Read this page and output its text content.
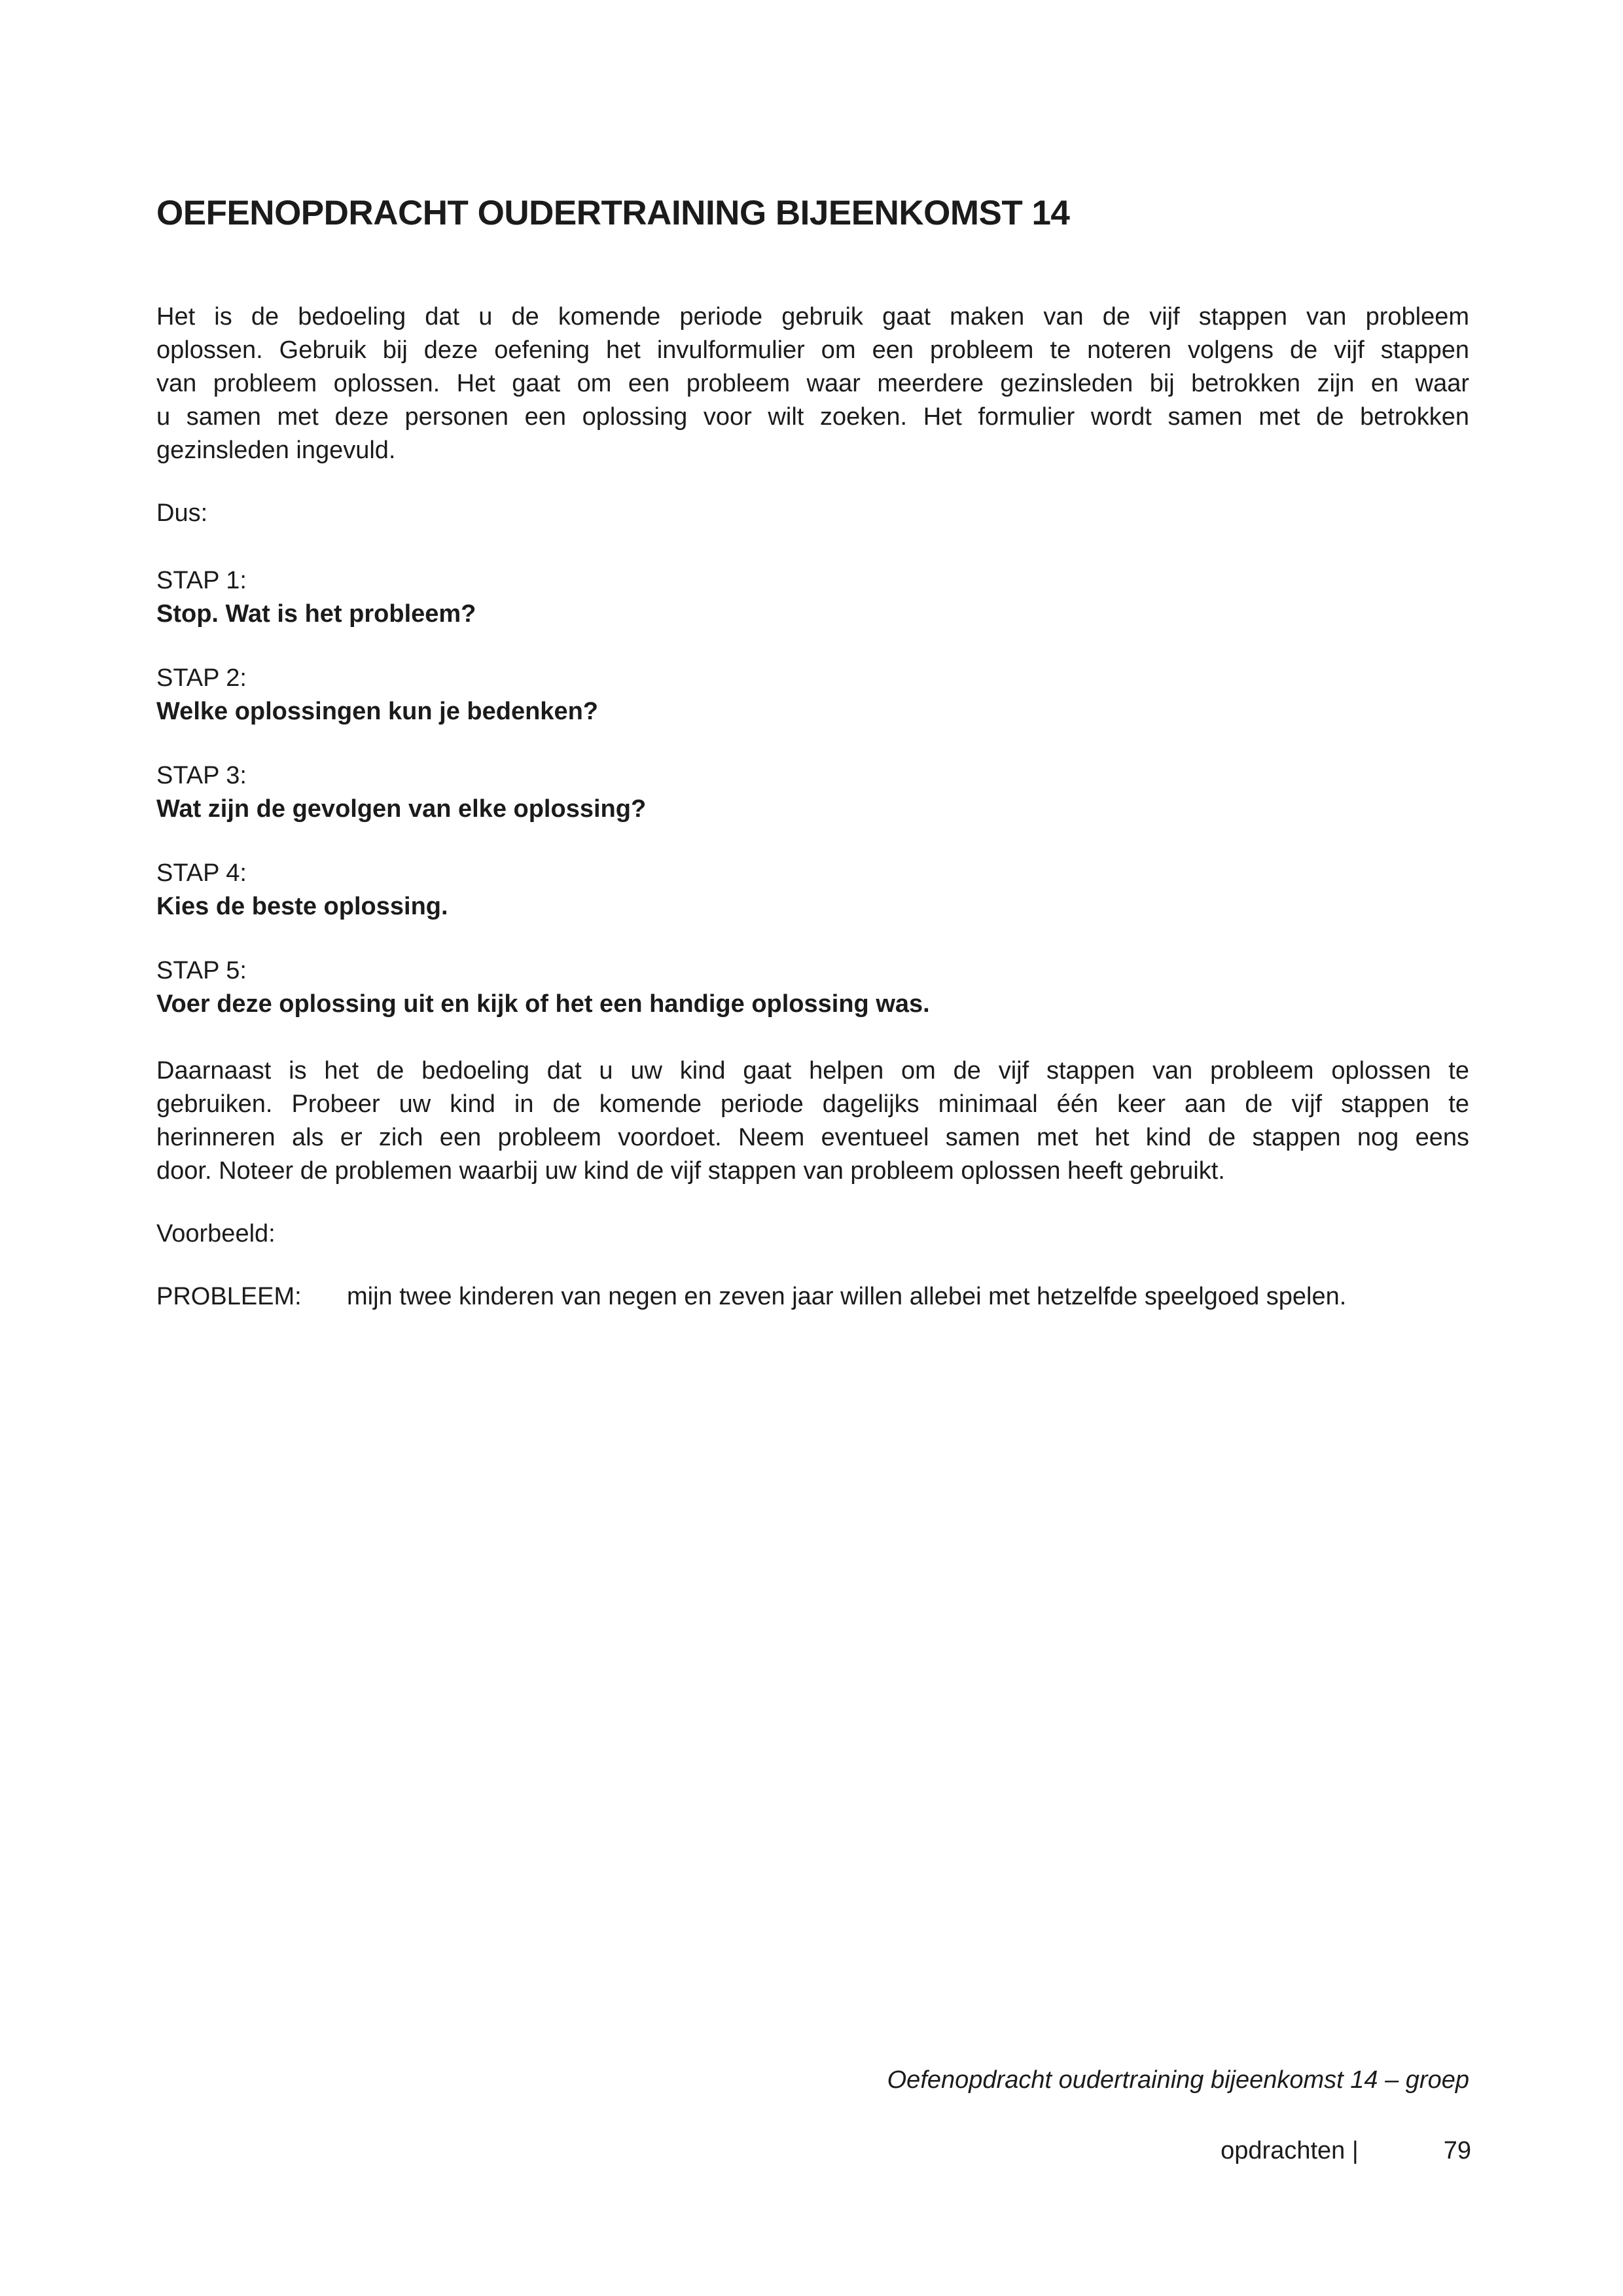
OEFENOPDRACHT OUDERTRAINING BIJEENKOMST 14
Het is de bedoeling dat u de komende periode gebruik gaat maken van de vijf stappen van probleem
oplossen. Gebruik bij deze oefening het invulformulier om een probleem te noteren volgens de vijf stappen
van probleem oplossen. Het gaat om een probleem waar meerdere gezinsleden bij betrokken zijn en waar
u samen met deze personen een oplossing voor wilt zoeken. Het formulier wordt samen met de betrokken
gezinsleden ingevuld.
Dus:
STAP 1:
Stop. Wat is het probleem?
STAP 2:
Welke oplossingen kun je bedenken?
STAP 3:
Wat zijn de gevolgen van elke oplossing?
STAP 4:
Kies de beste oplossing.
STAP 5:
Voer deze oplossing uit en kijk of het een handige oplossing was.
Daarnaast is het de bedoeling dat u uw kind gaat helpen om de vijf stappen van probleem oplossen te
gebruiken. Probeer uw kind in de komende periode dagelijks minimaal één keer aan de vijf stappen te
herinneren als er zich een probleem voordoet. Neem eventueel samen met het kind de stappen nog eens
door. Noteer de problemen waarbij uw kind de vijf stappen van probleem oplossen heeft gebruikt.
Voorbeeld:
PROBLEEM:	mijn twee kinderen van negen en zeven jaar willen allebei met hetzelfde speelgoed spelen.
Oefenopdracht oudertraining bijeenkomst 14 – groep
opdrachten |	79
